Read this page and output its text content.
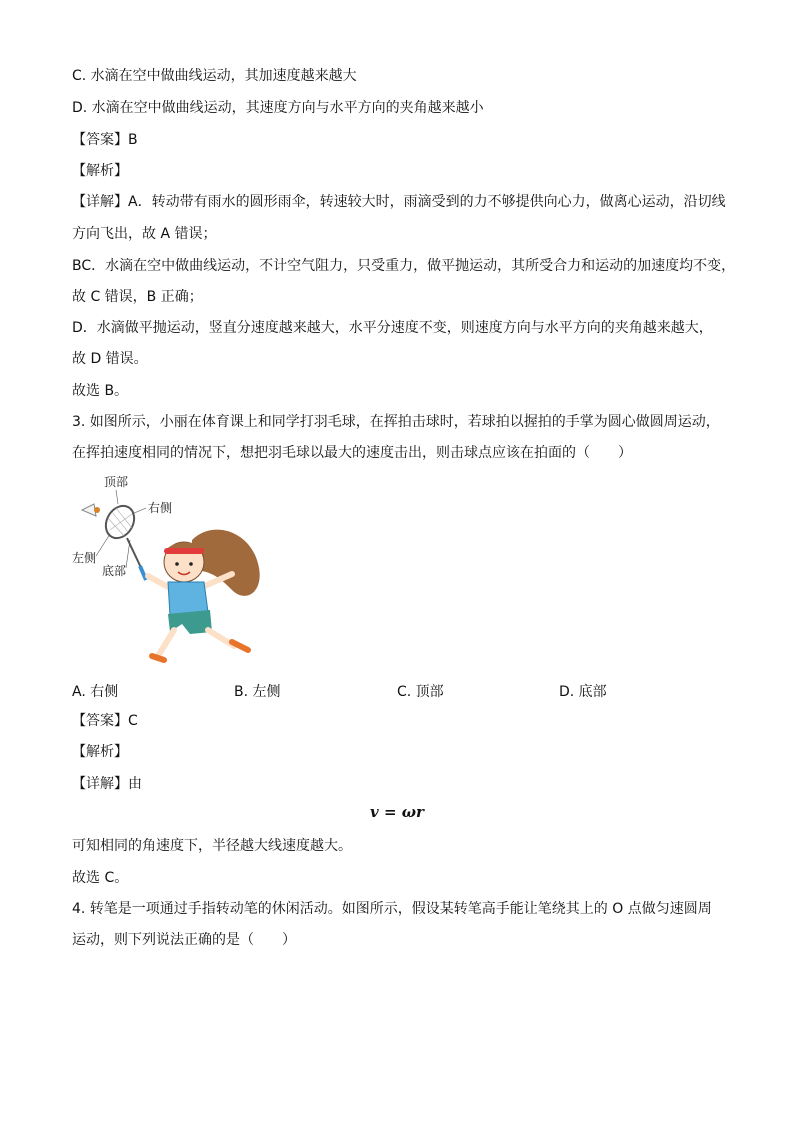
C. 水滴在空中做曲线运动，其加速度越来越大
D. 水滴在空中做曲线运动，其速度方向与水平方向的夹角越来越小
【答案】B
【解析】
【详解】A．转动带有雨水的圆形雨伞，转速较大时，雨滴受到的力不够提供向心力，做离心运动，沿切线
方向飞出，故 A 错误；
BC．水滴在空中做曲线运动，不计空气阻力，只受重力，做平抛运动，其所受合力和运动的加速度均不变，
故 C 错误，B 正确；
D．水滴做平抛运动，竖直分速度越来越大，水平分速度不变，则速度方向与水平方向的夹角越来越大，
故 D 错误。
故选 B。
3. 如图所示，小丽在体育课上和同学打羽毛球，在挥拍击球时，若球拍以握拍的手掌为圆心做圆周运动，
在挥拍速度相同的情况下，想把羽毛球以最大的速度击出，则击球点应该在拍面的（　　）
顶部
右侧
左侧
底部
A. 右侧	B. 左侧	C. 顶部	D. 底部
【答案】C
【解析】
【详解】由
v = ωr
可知相同的角速度下，半径越大线速度越大。
故选 C。
4. 转笔是一项通过手指转动笔的休闲活动。如图所示，假设某转笔高手能让笔绕其上的 O 点做匀速圆周
运动，则下列说法正确的是（　　）
